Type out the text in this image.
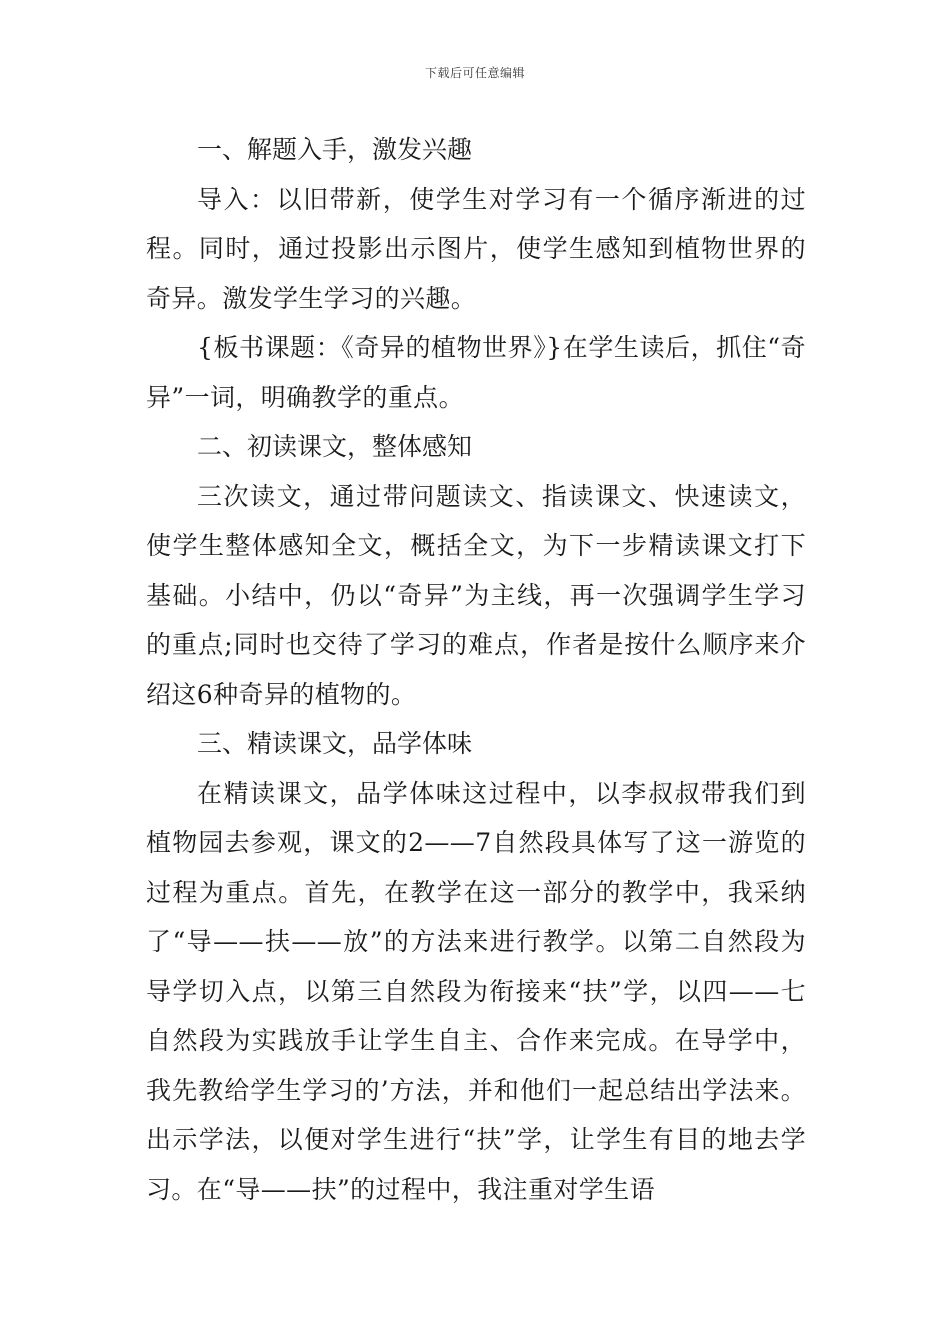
下载后可任意编辑

一、解题入手，激发兴趣

导入：以旧带新，使学生对学习有一个循序渐进的过程。同时，通过投影出示图片，使学生感知到植物世界的奇异。激发学生学习的兴趣。

{板书课题：《奇异的植物世界》}在学生读后，抓住“奇异”一词，明确教学的重点。

二、初读课文，整体感知

三次读文，通过带问题读文、指读课文、快速读文，使学生整体感知全文，概括全文，为下一步精读课文打下基础。小结中，仍以“奇异”为主线，再一次强调学生学习的重点;同时也交待了学习的难点，作者是按什么顺序来介绍这6种奇异的植物的。

三、精读课文，品学体味

在精读课文，品学体味这过程中，以李叔叔带我们到植物园去参观，课文的2——7自然段具体写了这一游览的过程为重点。首先，在教学在这一部分的教学中，我采纳了“导——扶——放”的方法来进行教学。以第二自然段为导学切入点，以第三自然段为衔接来“扶”学，以四——七自然段为实践放手让学生自主、合作来完成。在导学中，我先教给学生学习的’方法，并和他们一起总结出学法来。出示学法，以便对学生进行“扶”学，让学生有目的地去学习。在“导——扶”的过程中，我注重对学生语
